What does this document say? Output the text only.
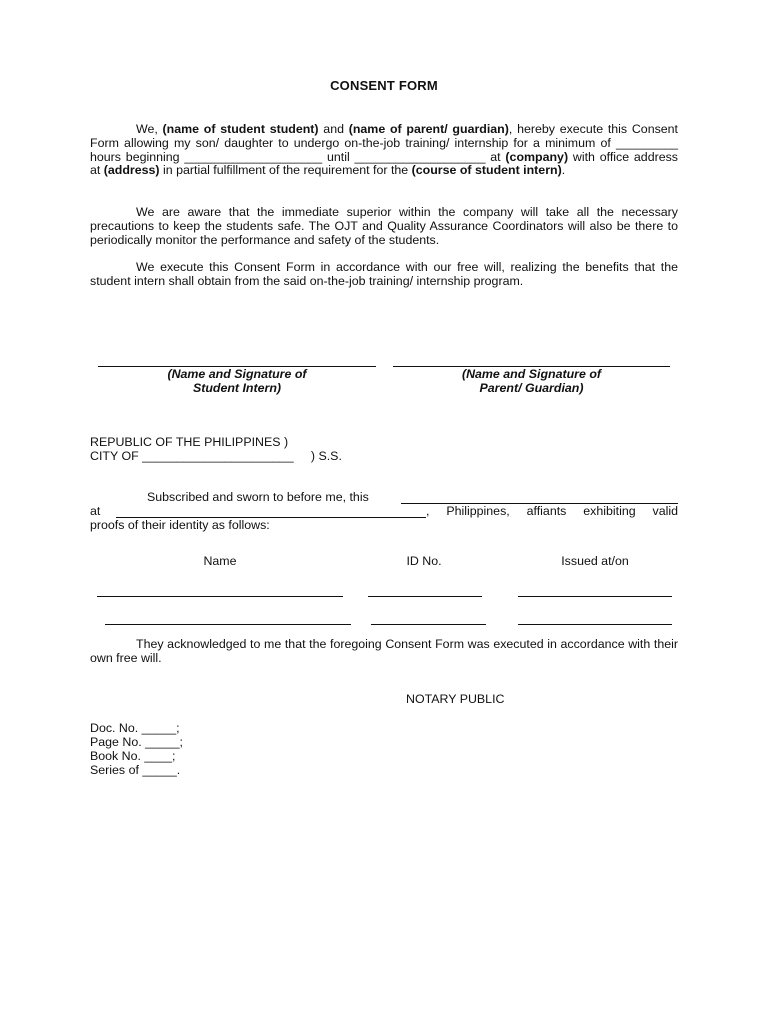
CONSENT FORM
We, (name of student student) and (name of parent/ guardian), hereby execute this Consent Form allowing my son/ daughter to undergo on-the-job training/ internship for a minimum of _________ hours beginning ____________________ until ___________________ at (company) with office address at (address) in partial fulfillment of the requirement for the (course of student intern).
We are aware that the immediate superior within the company will take all the necessary precautions to keep the students safe. The OJT and Quality Assurance Coordinators will also be there to periodically monitor the performance and safety of the students.
We execute this Consent Form in accordance with our free will, realizing the benefits that the student intern shall obtain from the said on-the-job training/ internship program.
(Name and Signature of
Student Intern)
(Name and Signature of
Parent/ Guardian)
REPUBLIC OF THE PHILIPPINES )
CITY OF ______________________     ) S.S.
Subscribed and sworn to before me, this
at	, Philippines, affiants exhibiting valid
proofs of their identity as follows:
Name	ID No.	Issued at/on
They acknowledged to me that the foregoing Consent Form was executed in accordance with their own free will.
NOTARY PUBLIC
Doc. No. _____;
Page No. _____;
Book No. ____;
Series of _____.
